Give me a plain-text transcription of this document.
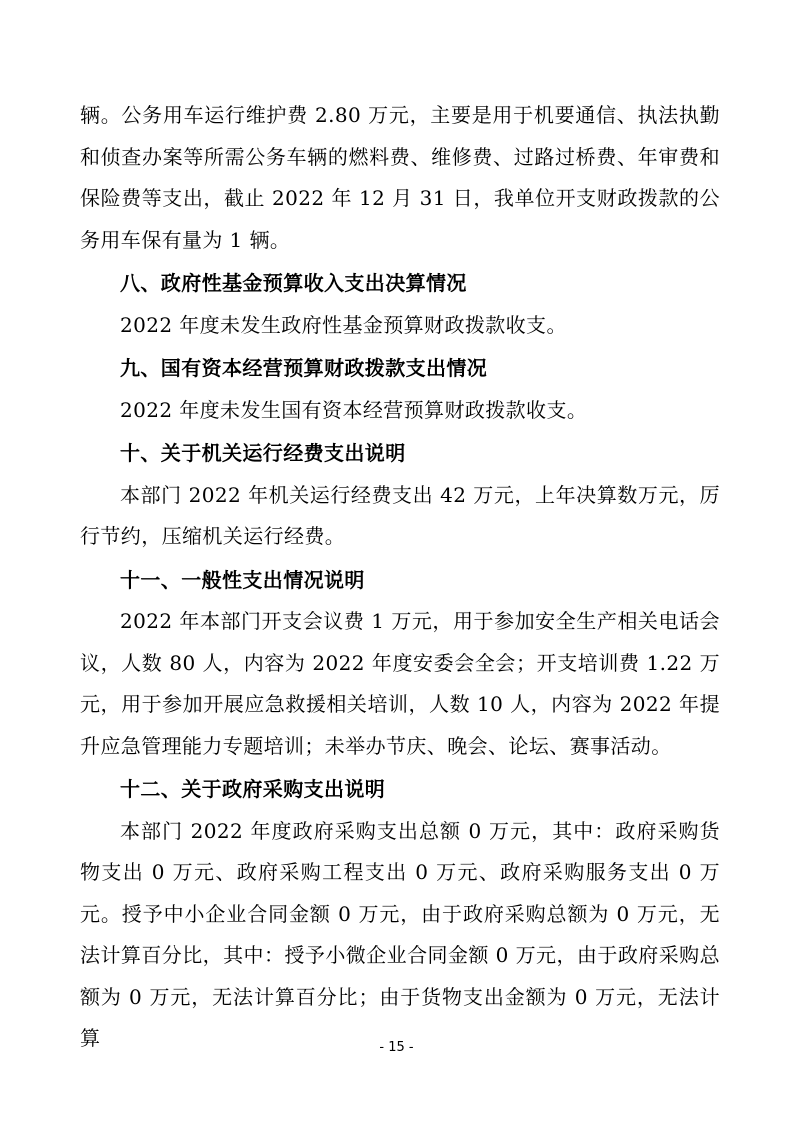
辆。公务用车运行维护费 2.80 万元，主要是用于机要通信、执法执勤和侦查办案等所需公务车辆的燃料费、维修费、过路过桥费、年审费和保险费等支出，截止 2022 年 12 月 31 日，我单位开支财政拨款的公务用车保有量为 1 辆。

八、政府性基金预算收入支出决算情况

2022 年度未发生政府性基金预算财政拨款收支。

九、国有资本经营预算财政拨款支出情况

2022 年度未发生国有资本经营预算财政拨款收支。

十、关于机关运行经费支出说明

本部门 2022 年机关运行经费支出 42 万元，上年决算数万元，厉行节约，压缩机关运行经费。

十一、一般性支出情况说明

2022 年本部门开支会议费 1 万元，用于参加安全生产相关电话会议，人数 80 人，内容为 2022 年度安委会全会；开支培训费 1.22 万元，用于参加开展应急救援相关培训，人数 10 人，内容为 2022 年提升应急管理能力专题培训；未举办节庆、晚会、论坛、赛事活动。

十二、关于政府采购支出说明

本部门 2022 年度政府采购支出总额 0 万元，其中：政府采购货物支出 0 万元、政府采购工程支出 0 万元、政府采购服务支出 0 万元。授予中小企业合同金额 0 万元，由于政府采购总额为 0 万元，无法计算百分比，其中：授予小微企业合同金额 0 万元，由于政府采购总额为 0 万元，无法计算百分比；由于货物支出金额为 0 万元，无法计算	- 15 -
